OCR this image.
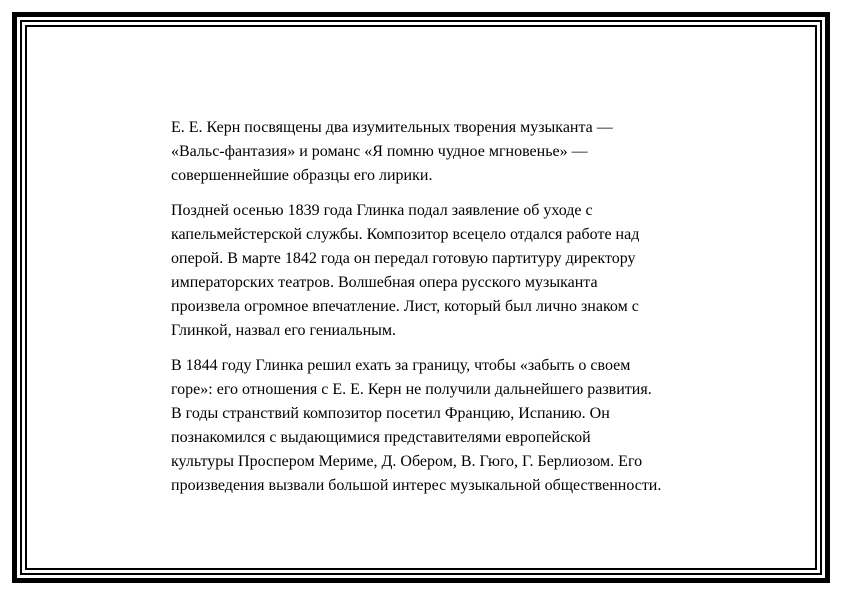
Е. Е. Керн посвящены два изумительных творения музыканта —
«Вальс-фантазия» и романс «Я помню чудное мгновенье» —
совершеннейшие образцы его лирики.

Поздней осенью 1839 года Глинка подал заявление об уходе с
капельмейстерской службы. Композитор всецело отдался работе над
оперой. В марте 1842 года он передал готовую партитуру директору
императорских театров. Волшебная опера русского музыканта
произвела огромное впечатление. Лист, который был лично знаком с
Глинкой, назвал его гениальным.

В 1844 году Глинка решил ехать за границу, чтобы «забыть о своем
горе»: его отношения с Е. Е. Керн не получили дальнейшего развития.
В годы странствий композитор посетил Францию, Испанию. Он
познакомился с выдающимися представителями европейской
культуры Проспером Мериме, Д. Обером, В. Гюго, Г. Берлиозом. Его
произведения вызвали большой интерес музыкальной общественности.
